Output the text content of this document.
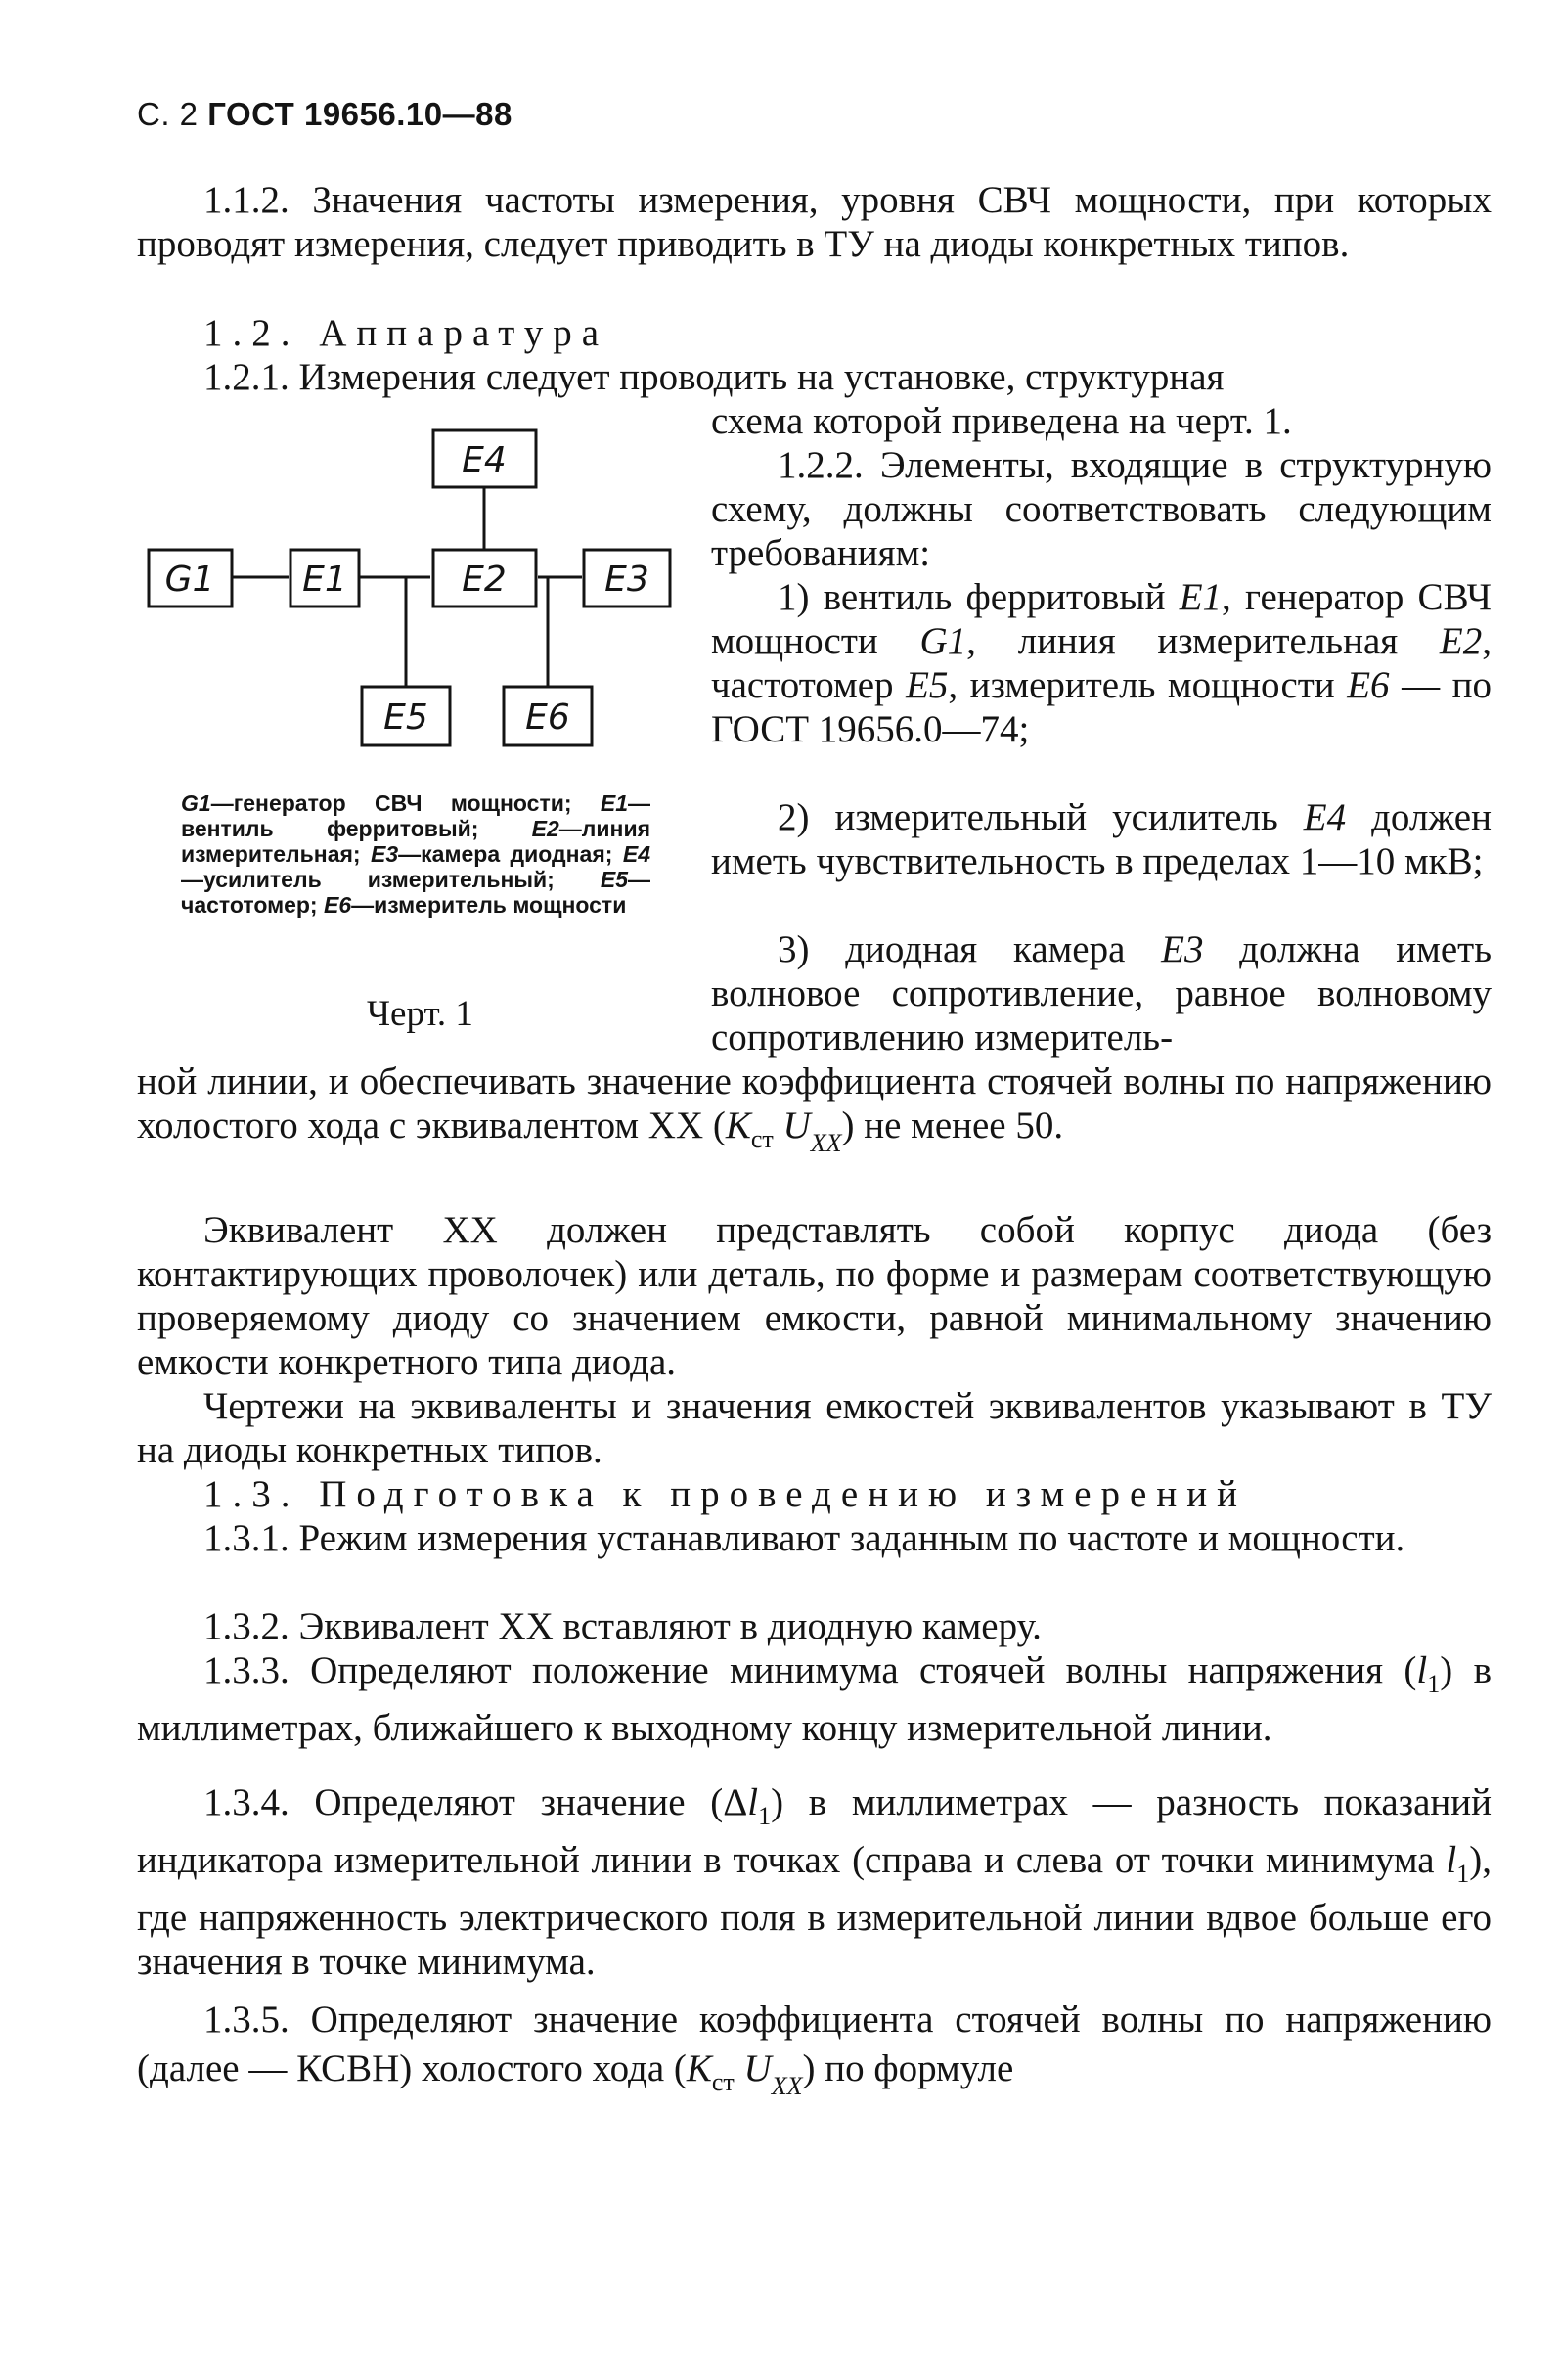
С. 2 ГОСТ 19656.10—88

1.1.2. Значения частоты измерения, уровня СВЧ мощности, при которых проводят измерения, следует приводить в ТУ на диоды конкретных типов.

1.2. Аппаратура

1.2.1. Измерения следует проводить на установке, структурная

схема которой приведена на черт. 1.

1.2.2. Элементы, входящие в структурную схему, должны соответствовать следующим требованиям:

1) вентиль ферритовый E1, генератор СВЧ мощности G1, линия измерительная E2, частотомер E5, измеритель мощности E6 — по ГОСТ 19656.0—74;

2) измерительный усилитель E4 должен иметь чувствительность в пределах 1—10 мкВ;

3) диодная камера E3 должна иметь волновое сопротивление, равное волновому сопротивлению измеритель-

ной линии, и обеспечивать значение коэффициента стоячей волны по напряжению холостого хода с эквивалентом XX ($K_{ст}$ $U_{XX}$) не менее 50.

Эквивалент XX должен представлять собой корпус диода (без контактирующих проволочек) или деталь, по форме и размерам соответствующую проверяемому диоду со значением емкости, равной минимальному значению емкости конкретного типа диода.

Чертежи на эквиваленты и значения емкостей эквивалентов указывают в ТУ на диоды конкретных типов.

1.3. Подготовка к проведению измерений

1.3.1. Режим измерения устанавливают заданным по частоте и мощности.

1.3.2. Эквивалент XX вставляют в диодную камеру.

1.3.3. Определяют положение минимума стоячей волны напряжения $(l_1)$ в миллиметрах, ближайшего к выходному концу измерительной линии.

1.3.4. Определяют значение $(\Delta l_1)$ в миллиметрах — разность показаний индикатора измерительной линии в точках (справа и слева от точки минимума $l_1$), где напряженность электрического поля в измерительной линии вдвое больше его значения в точке минимума.

1.3.5. Определяют значение коэффициента стоячей волны по напряжению (далее — КСВН) холостого хода ($K_{ст}$ $U_{XX}$) по формуле

E4
G1 E1	E2	E3
E5	E6

G1—генератор СВЧ мощности; E1—вентиль ферритовый; E2—линия измерительная; E3—камера диодная; E4—усилитель измерительный; E5—частотомер; E6—измеритель мощности

Черт. 1
